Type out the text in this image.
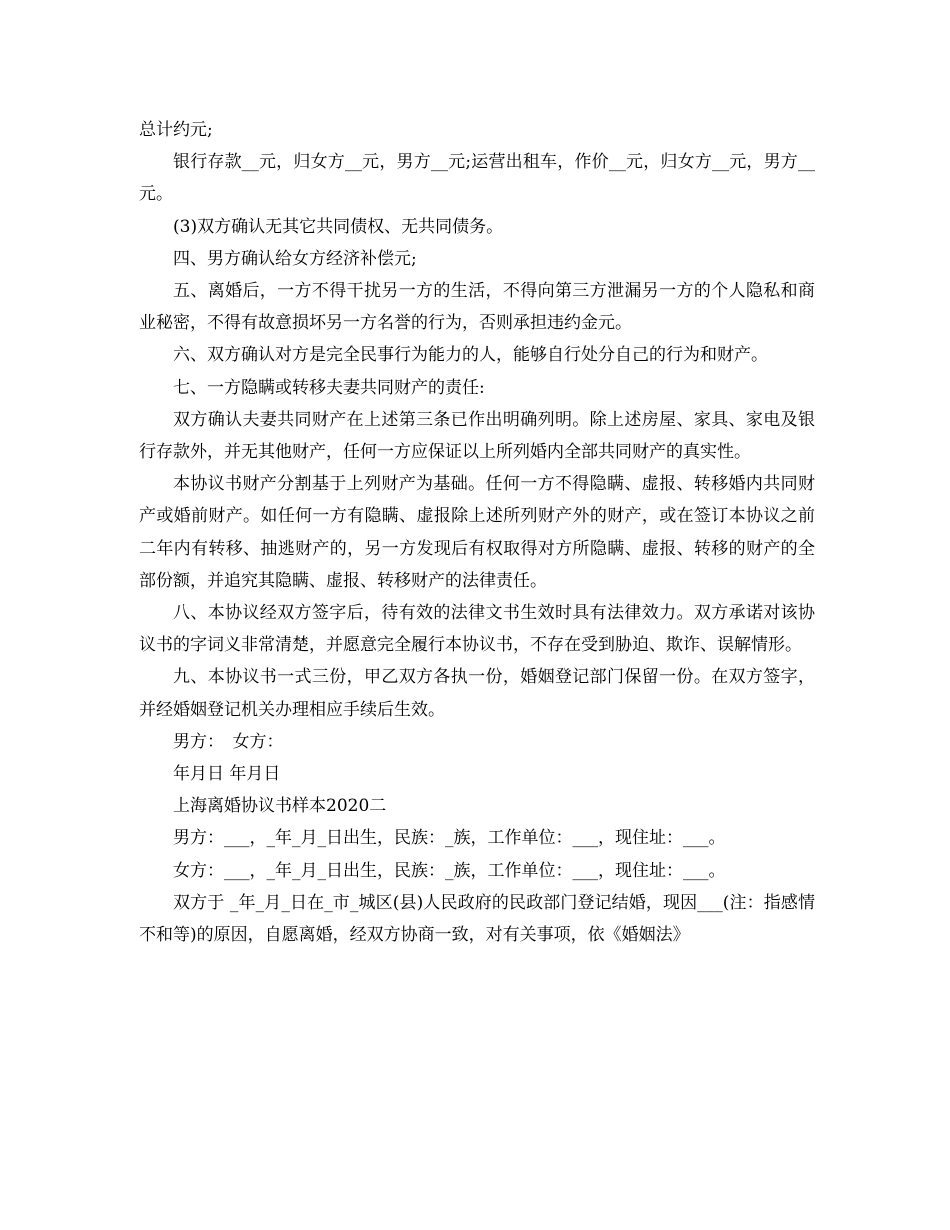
总计约元;

银行存款__元，归女方__元，男方__元;运营出租车，作价__元，归女方__元，男方__元。

(3)双方确认无其它共同债权、无共同债务。

四、男方确认给女方经济补偿元;

五、离婚后，一方不得干扰另一方的生活，不得向第三方泄漏另一方的个人隐私和商业秘密，不得有故意损坏另一方名誉的行为，否则承担违约金元。

六、双方确认对方是完全民事行为能力的人，能够自行处分自己的行为和财产。

七、一方隐瞒或转移夫妻共同财产的责任:

双方确认夫妻共同财产在上述第三条已作出明确列明。除上述房屋、家具、家电及银行存款外，并无其他财产，任何一方应保证以上所列婚内全部共同财产的真实性。

本协议书财产分割基于上列财产为基础。任何一方不得隐瞒、虚报、转移婚内共同财产或婚前财产。如任何一方有隐瞒、虚报除上述所列财产外的财产，或在签订本协议之前二年内有转移、抽逃财产的，另一方发现后有权取得对方所隐瞒、虚报、转移的财产的全部份额，并追究其隐瞒、虚报、转移财产的法律责任。

八、本协议经双方签字后，待有效的法律文书生效时具有法律效力。双方承诺对该协议书的字词义非常清楚，并愿意完全履行本协议书，不存在受到胁迫、欺诈、误解情形。

九、本协议书一式三份，甲乙双方各执一份，婚姻登记部门保留一份。在双方签字，并经婚姻登记机关办理相应手续后生效。

男方：　女方：

年月日 年月日

上海离婚协议书样本2020二

男方：___，_年_月_日出生，民族：_族，工作单位：___，现住址：___。

女方：___，_年_月_日出生，民族：_族，工作单位：___，现住址：___。

双方于 _年_月_日在_市_城区(县)人民政府的民政部门登记结婚，现因___(注：指感情不和等)的原因，自愿离婚，经双方协商一致，对有关事项，依《婚姻法》
